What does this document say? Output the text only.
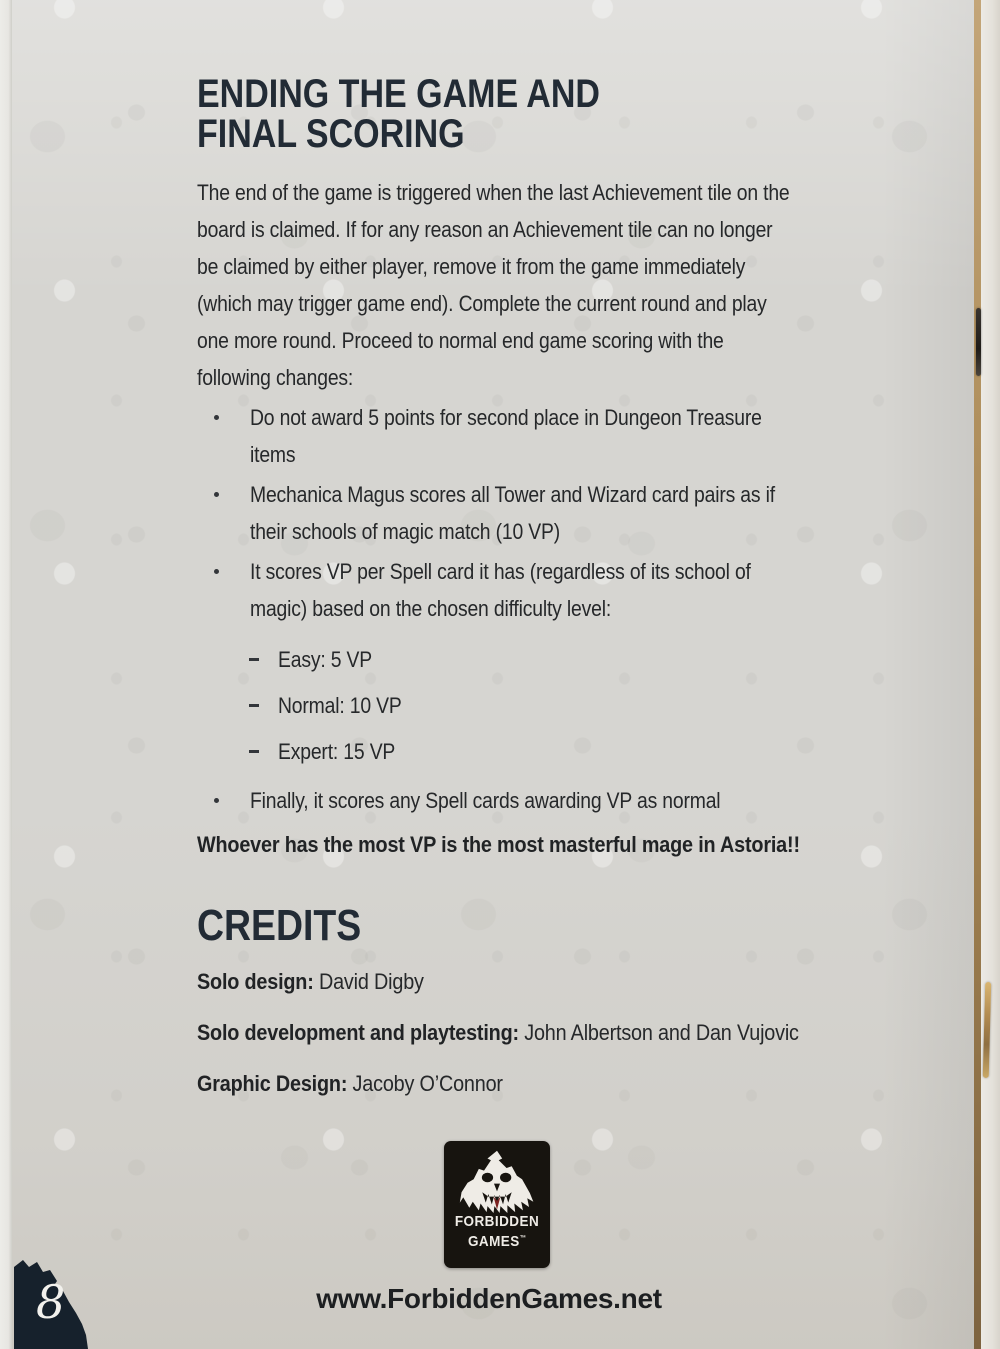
ENDING THE GAME AND
FINAL SCORING
The end of the game is triggered when the last Achievement tile on the board is claimed. If for any reason an Achievement tile can no longer be claimed by either player, remove it from the game immediately (which may trigger game end). Complete the current round and play one more round. Proceed to normal end game scoring with the following changes:
Do not award 5 points for second place in Dungeon Treasure items
Mechanica Magus scores all Tower and Wizard card pairs as if their schools of magic match (10 VP)
It scores VP per Spell card it has (regardless of its school of magic) based on the chosen difficulty level:
Easy: 5 VP
Normal: 10 VP
Expert: 15 VP
Finally, it scores any Spell cards awarding VP as normal
Whoever has the most VP is the most masterful mage in Astoria!!
CREDITS
Solo design: David Digby
Solo development and playtesting: John Albertson and Dan Vujovic
Graphic Design: Jacoby O’Connor
FORBIDDEN
GAMES™
www.ForbiddenGames.net
8
